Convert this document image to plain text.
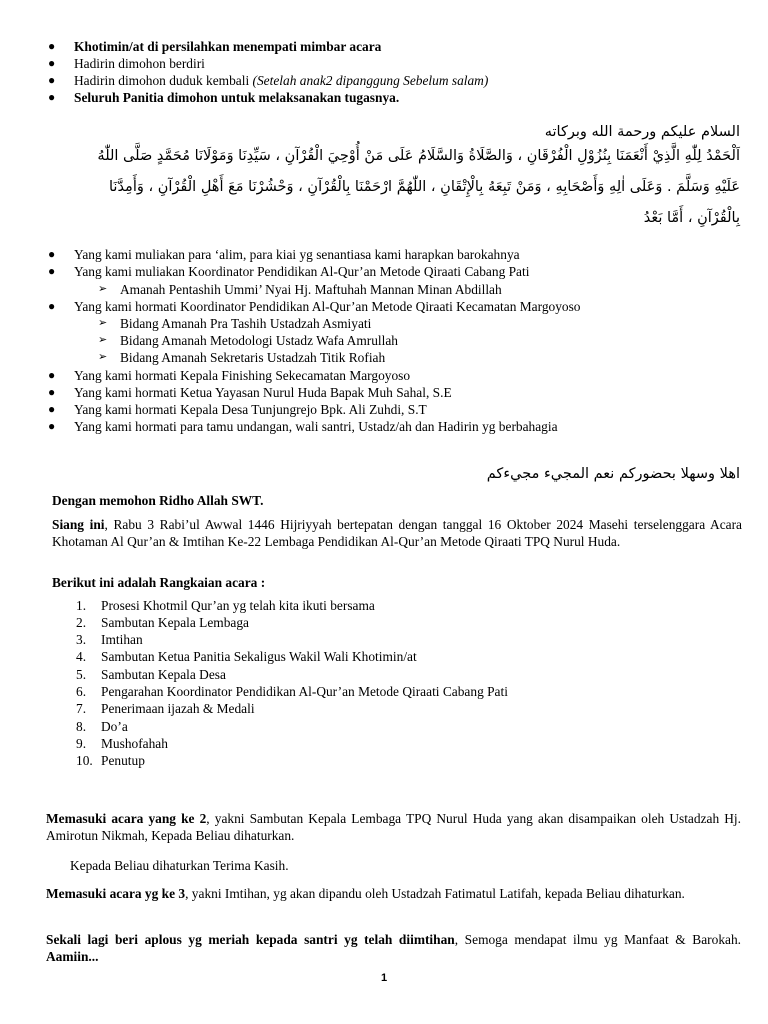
●	Khotimin/at di persilahkan menempati mimbar acara
●	Hadirin dimohon berdiri
●	Hadirin dimohon duduk kembali (Setelah anak2 dipanggung Sebelum salam)
●	Seluruh Panitia dimohon untuk melaksanakan tugasnya.
السلام عليكم ورحمة الله وبركاته
اَلْحَمْدُ لِلّٰهِ الَّذِيْ أَنْعَمَنَا بِنُزُوْلِ الْفُرْقَانِ ، وَالصَّلَاةُ وَالسَّلَامُ عَلَى مَنْ أُوْحِيَ الْقُرْآنِ ، سَيِّدِنَا وَمَوْلَانَا مُحَمَّدٍ صَلَّى اللّٰهُ
عَلَيْهِ وَسَلَّمَ . وَعَلَى اٰلِهِ وَأَصْحَابِهِ ، وَمَنْ تَبِعَهُ بِالْإِتْقَانِ ، اللّٰهُمَّ ارْحَمْنَا بِالْقُرْآنِ ، وَحْشُرْنَا مَعَ أَهْلِ الْقُرْآنِ ، وَأَمِدَّنَا
بِالْقُرْآنِ ، أَمَّا بَعْدُ
●	Yang kami muliakan para ‘alim, para kiai yg senantiasa kami harapkan barokahnya
●	Yang kami muliakan Koordinator Pendidikan Al-Qur’an Metode Qiraati Cabang Pati
➢ Amanah Pentashih Ummi’ Nyai Hj. Maftuhah Mannan Minan Abdillah
●	Yang kami hormati Koordinator Pendidikan Al-Qur’an Metode Qiraati Kecamatan Margoyoso
➢ Bidang Amanah Pra Tashih Ustadzah Asmiyati
➢ Bidang Amanah Metodologi Ustadz Wafa Amrullah
➢ Bidang Amanah Sekretaris Ustadzah Titik Rofiah
●	Yang kami hormati Kepala Finishing Sekecamatan Margoyoso
●	Yang kami hormati Ketua Yayasan Nurul Huda Bapak Muh Sahal, S.E
●	Yang kami hormati Kepala Desa Tunjungrejo Bpk. Ali Zuhdi, S.T
●	Yang kami hormati para tamu undangan, wali santri, Ustadz/ah dan Hadirin yg berbahagia
اهلا وسهلا بحضوركم نعم المجيء مجيءكم
Dengan memohon Ridho Allah SWT.
Siang ini, Rabu 3 Rabi’ul Awwal 1446 Hijriyyah bertepatan dengan tanggal 16 Oktober 2024 Masehi terselenggara Acara Khotaman Al Qur’an & Imtihan Ke-22 Lembaga Pendidikan Al-Qur’an Metode Qiraati TPQ Nurul Huda.
Berikut ini adalah Rangkaian acara :
1.	Prosesi Khotmil Qur’an yg telah kita ikuti bersama
2.	Sambutan Kepala Lembaga
3.	Imtihan
4.	Sambutan Ketua Panitia Sekaligus Wakil Wali Khotimin/at
5.	Sambutan Kepala Desa
6.	Pengarahan Koordinator Pendidikan Al-Qur’an Metode Qiraati Cabang Pati
7.	Penerimaan ijazah & Medali
8.	Do’a
9.	Mushofahah
10. Penutup
Memasuki acara yang ke 2, yakni Sambutan Kepala Lembaga TPQ Nurul Huda yang akan disampaikan oleh Ustadzah Hj. Amirotun Nikmah, Kepada Beliau dihaturkan.
Kepada Beliau dihaturkan Terima Kasih.
Memasuki acara yg ke 3, yakni Imtihan, yg akan dipandu oleh Ustadzah Fatimatul Latifah, kepada Beliau dihaturkan.
Sekali lagi beri aplous yg meriah kepada santri yg telah diimtihan, Semoga mendapat ilmu yg Manfaat & Barokah. Aamiin...
1
